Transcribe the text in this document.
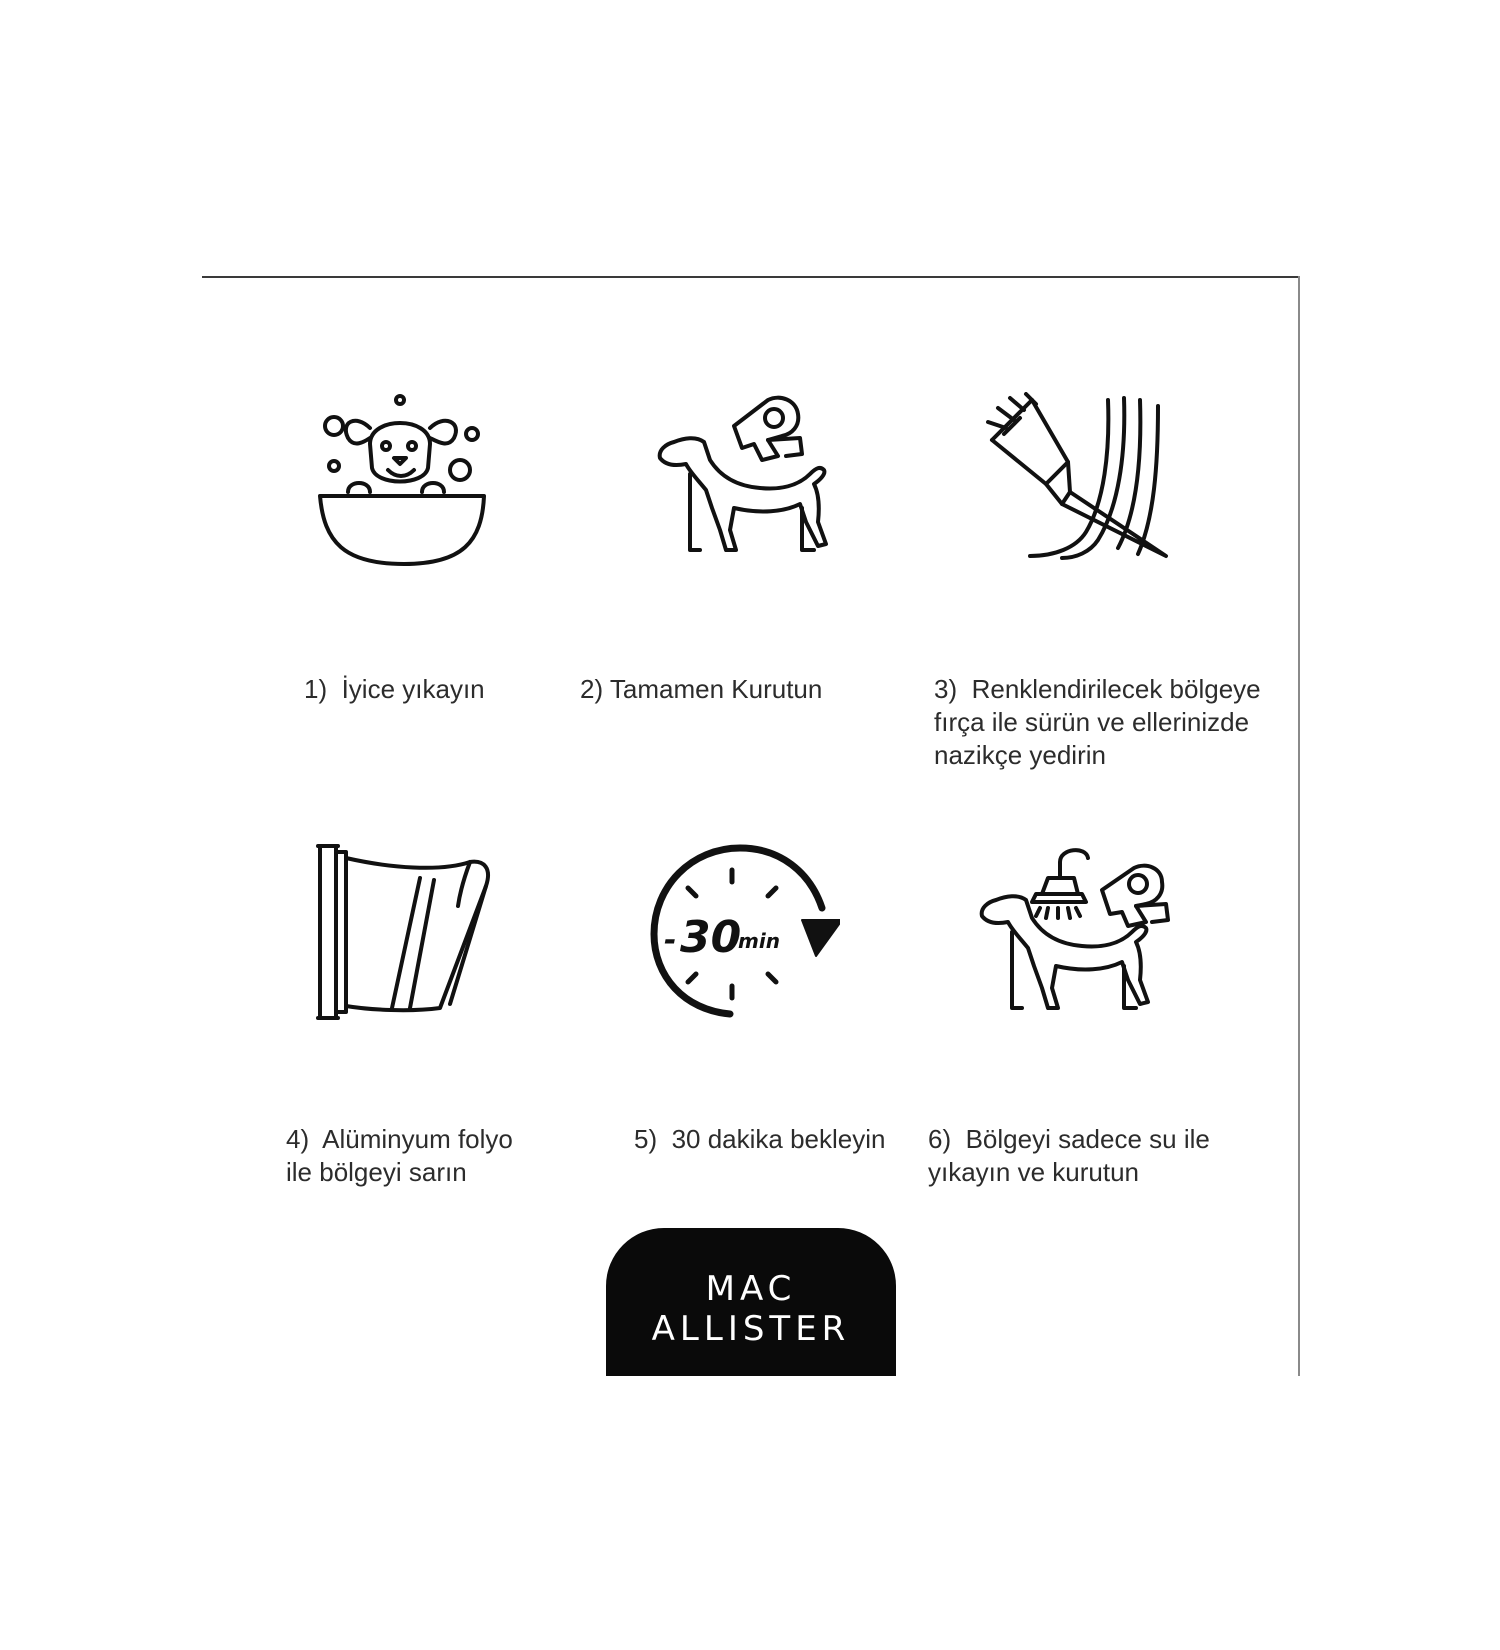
- 30
min

1) İyice yıkayın	2) Tamamen Kurutun	3) Renklendirilecek bölgeye
fırça ile sürün ve ellerinizde
nazikçe yedirin

4) Alüminyum folyo
ile bölgeyi sarın

5) 30 dakika bekleyin	6) Bölgeyi sadece su ile
yıkayın ve kurutun

MAC
ALLISTER
